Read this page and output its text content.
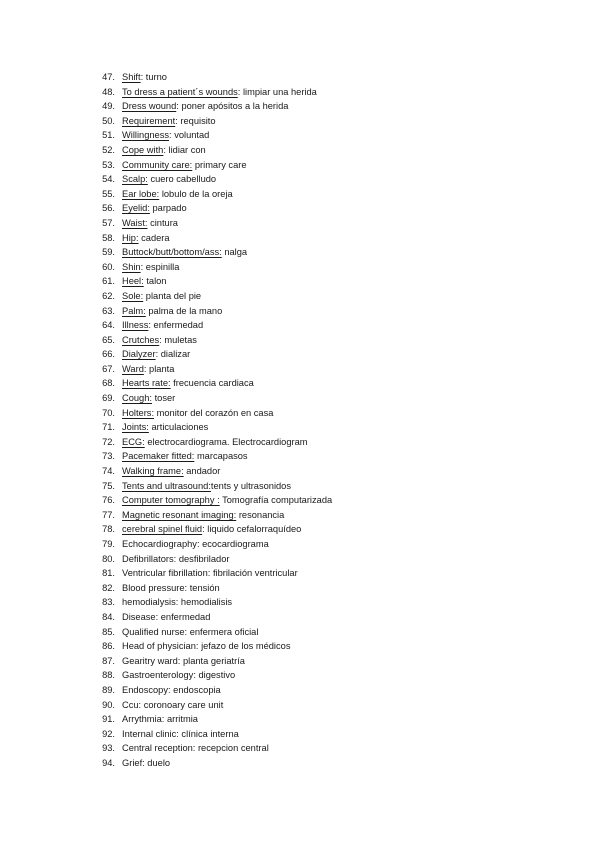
47. Shift: turno
48. To dress a patient´s wounds: limpiar una herida
49. Dress wound: poner apósitos a la herida
50. Requirement: requisito
51. Willingness: voluntad
52. Cope with: lidiar con
53. Community care: primary care
54. Scalp: cuero cabelludo
55. Ear lobe: lobulo de la oreja
56. Eyelid: parpado
57. Waist: cintura
58. Hip: cadera
59. Buttock/butt/bottom/ass: nalga
60. Shin: espinilla
61. Heel: talon
62. Sole: planta del pie
63. Palm: palma de la mano
64. Illness: enfermedad
65. Crutches: muletas
66. Dialyzer: dializar
67. Ward: planta
68. Hearts rate: frecuencia cardiaca
69. Cough: toser
70. Holters: monitor del corazón en casa
71. Joints: articulaciones
72. ECG: electrocardiograma. Electrocardiogram
73. Pacemaker fitted: marcapasos
74. Walking frame: andador
75. Tents and ultrasound:tents y ultrasonidos
76. Computer tomography : Tomografía computarizada
77. Magnetic resonant imaging: resonancia
78. cerebral spinel fluid: liquido cefalorraquídeo
79. Echocardiography: ecocardiograma
80. Defibrillators: desfibrilador
81. Ventricular fibrillation: fibrilación ventricular
82. Blood pressure: tensión
83. hemodialysis: hemodialisis
84. Disease: enfermedad
85. Qualified nurse: enfermera oficial
86. Head of physician: jefazo de los médicos
87. Gearitry ward: planta geriatría
88. Gastroenterology: digestivo
89. Endoscopy: endoscopia
90. Ccu: coronoary care unit
91. Arrythmia: arritmia
92. Internal clinic: clínica interna
93. Central reception: recepcion central
94. Grief: duelo
